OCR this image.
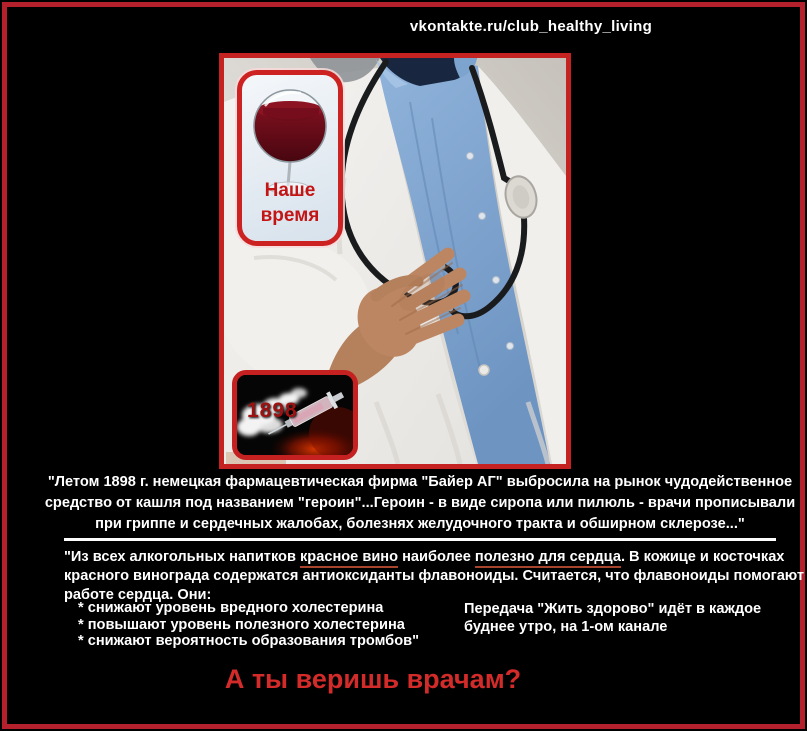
vkontakte.ru/club_healthy_living
Наше
время
1898
"Летом 1898 г. немецкая фармацевтическая фирма "Байер АГ" выбросила на рынок чудодейственное
средство от кашля под названием "героин"...Героин - в виде сиропа или пилюль - врачи прописывали
при гриппе и сердечных жалобах, болезнях желудочного тракта и обширном склерозе..."
"Из всех алкогольных напитков красное вино наиболее полезно для сердца. В кожице и косточках
красного винограда содержатся антиоксиданты флавоноиды. Считается, что флавоноиды помогают
работе сердца. Они:
* снижают уровень вредного холестерина
* повышают уровень полезного холестерина
* снижают вероятность образования тромбов"
Передача "Жить здорово" идёт в каждое
буднее утро, на 1-ом канале
А ты веришь врачам?
